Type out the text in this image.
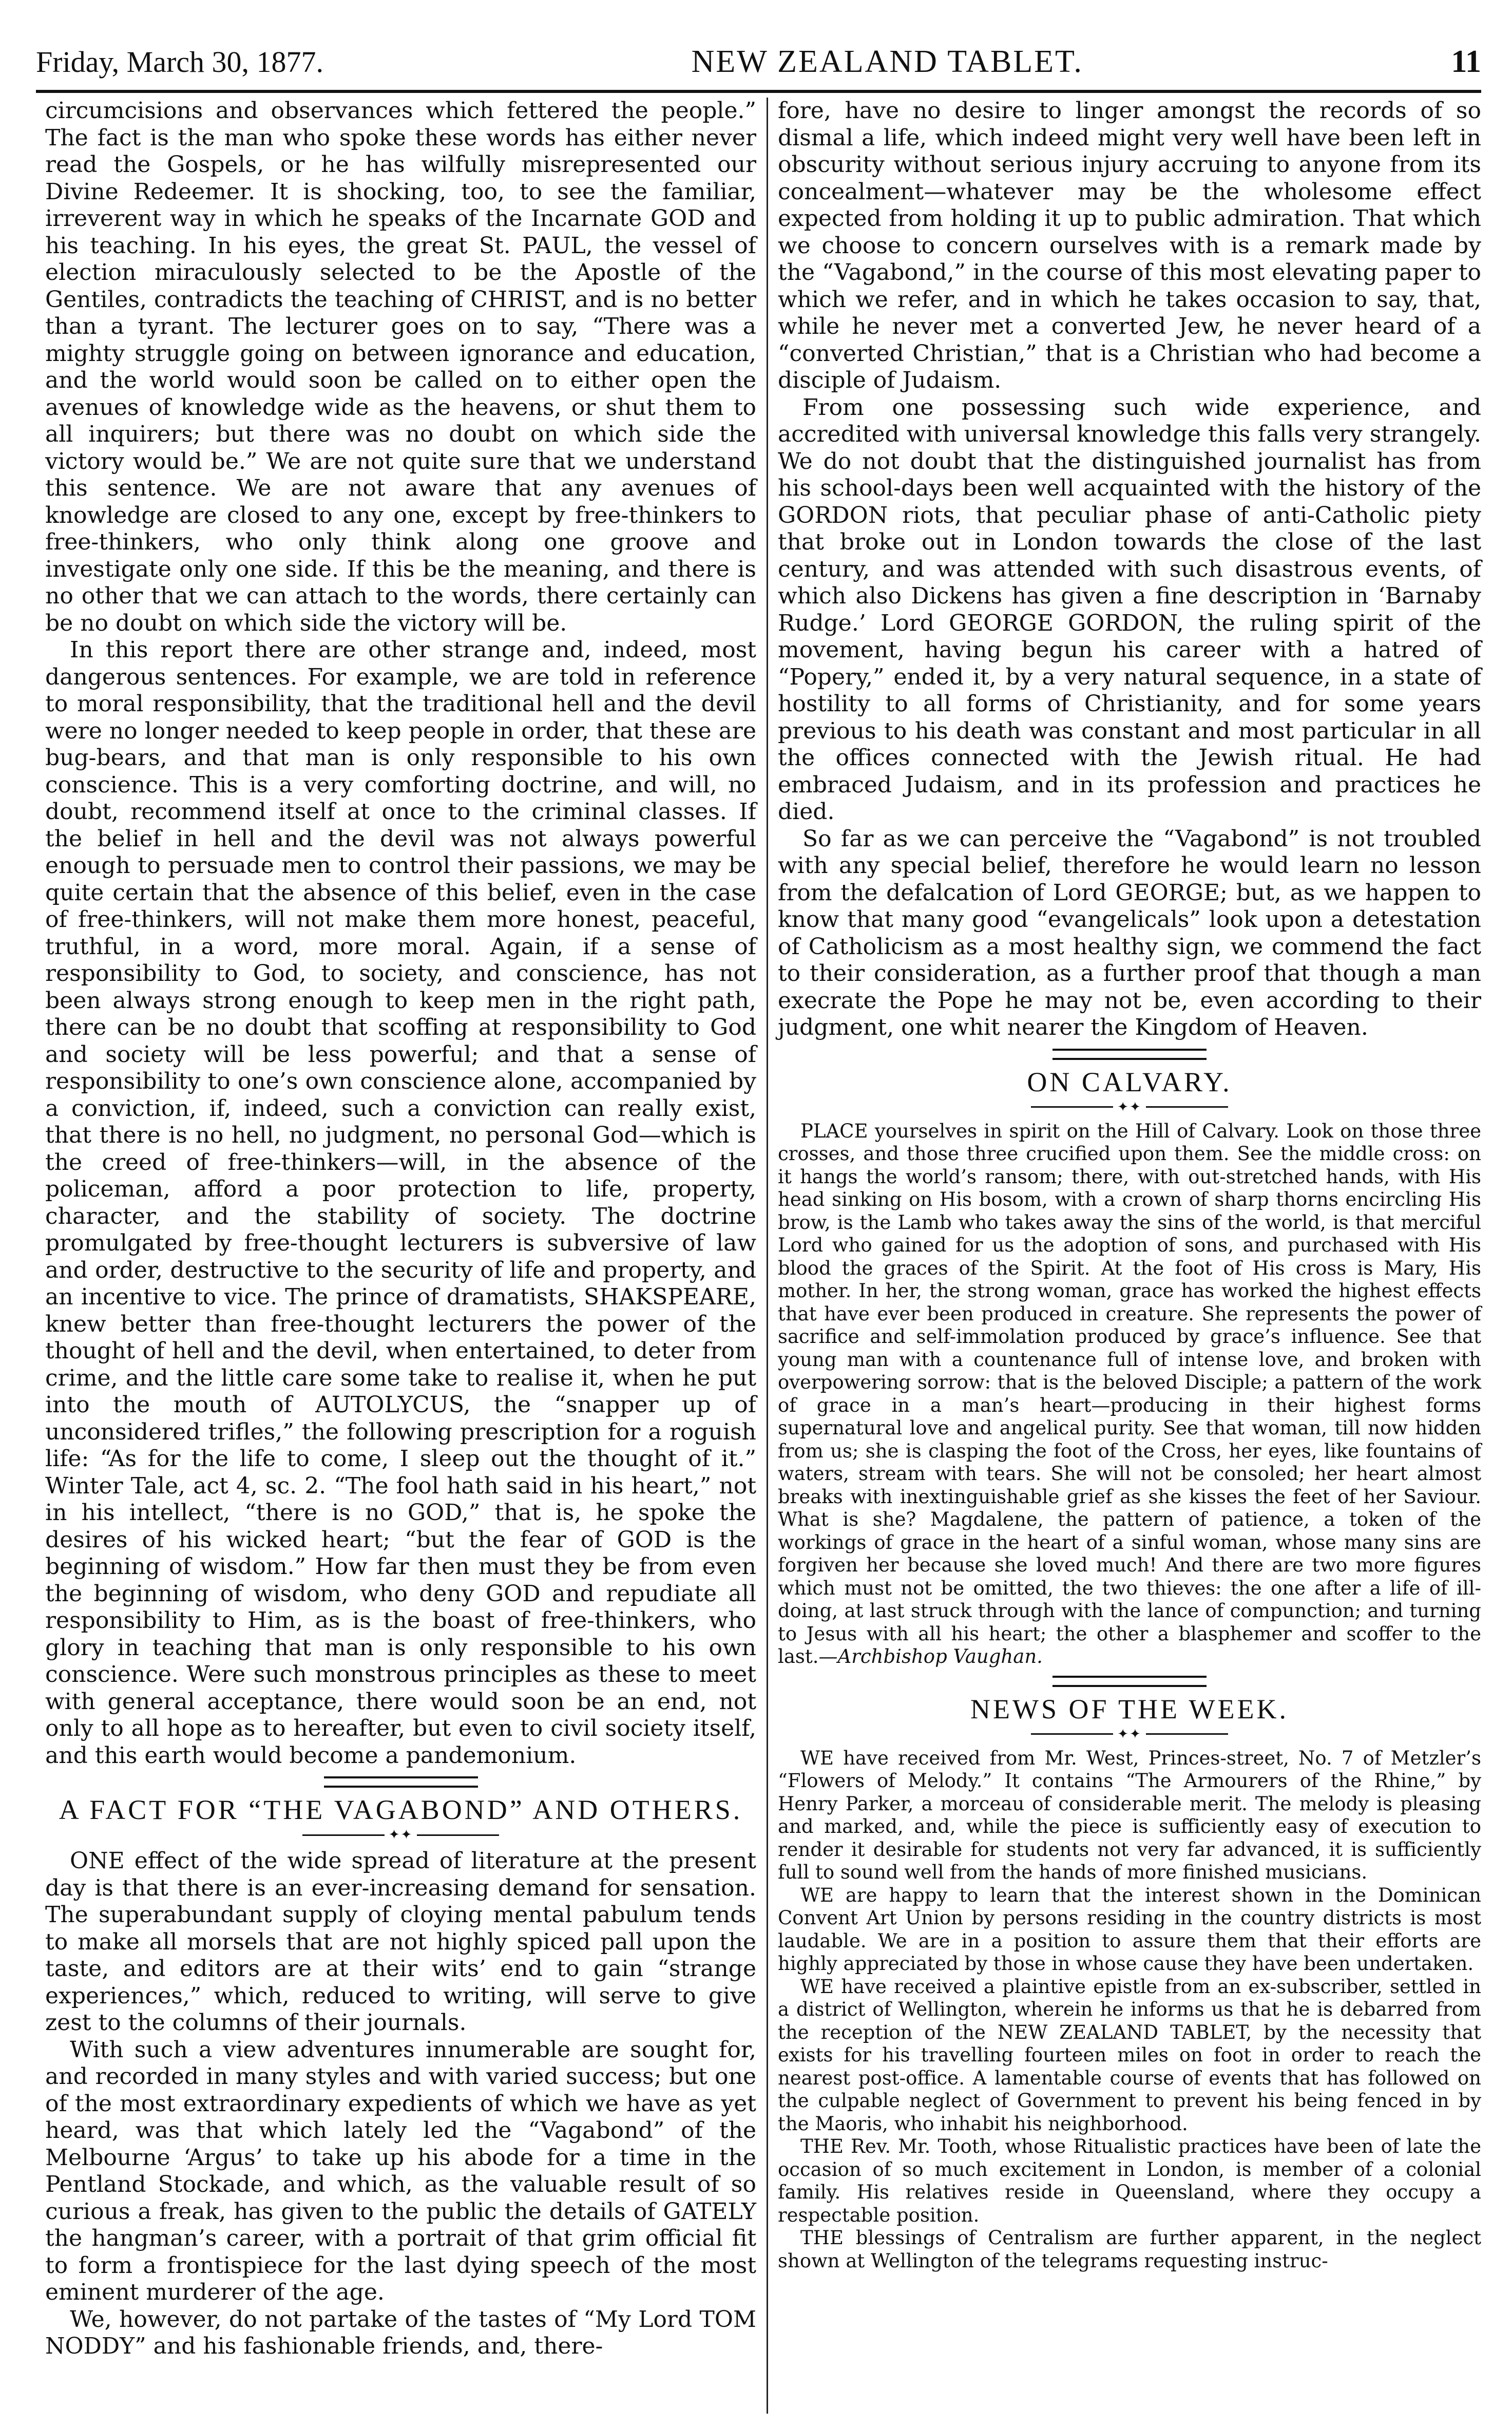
Friday, March 30, 1877.	NEW ZEALAND TABLET.	11

circumcisions and observances which fettered the people.” The fact is the man who spoke these words has either never read the Gospels, or he has wilfully misrepresented our Divine Redeemer. It is shocking, too, to see the familiar, irreverent way in which he speaks of the Incarnate GOD and his teaching. In his eyes, the great St. PAUL, the vessel of election miraculously selected to be the Apostle of the Gentiles, contradicts the teaching of CHRIST, and is no better than a tyrant. The lecturer goes on to say, “There was a mighty struggle going on between ignorance and education, and the world would soon be called on to either open the avenues of knowledge wide as the heavens, or shut them to all inquirers; but there was no doubt on which side the victory would be.” We are not quite sure that we understand this sentence. We are not aware that any avenues of knowledge are closed to any one, except by free-thinkers to free-thinkers, who only think along one groove and investigate only one side. If this be the meaning, and there is no other that we can attach to the words, there certainly can be no doubt on which side the victory will be.

In this report there are other strange and, indeed, most dangerous sentences. For example, we are told in reference to moral responsibility, that the traditional hell and the devil were no longer needed to keep people in order, that these are bug-bears, and that man is only responsible to his own conscience. This is a very comforting doctrine, and will, no doubt, recommend itself at once to the criminal classes. If the belief in hell and the devil was not always powerful enough to persuade men to control their passions, we may be quite certain that the absence of this belief, even in the case of free-thinkers, will not make them more honest, peaceful, truthful, in a word, more moral. Again, if a sense of responsibility to God, to society, and conscience, has not been always strong enough to keep men in the right path, there can be no doubt that scoffing at responsibility to God and society will be less powerful; and that a sense of responsibility to one’s own conscience alone, accompanied by a conviction, if, indeed, such a conviction can really exist, that there is no hell, no judgment, no personal God—which is the creed of free-thinkers—will, in the absence of the policeman, afford a poor protection to life, property, character, and the stability of society. The doctrine promulgated by free-thought lecturers is subversive of law and order, destructive to the security of life and property, and an incentive to vice. The prince of dramatists, SHAKSPEARE, knew better than free-thought lecturers the power of the thought of hell and the devil, when entertained, to deter from crime, and the little care some take to realise it, when he put into the mouth of AUTOLYCUS, the “snapper up of unconsidered trifles,” the following prescription for a roguish life: “As for the life to come, I sleep out the thought of it.” Winter Tale, act 4, sc. 2. “The fool hath said in his heart,” not in his intellect, “there is no GOD,” that is, he spoke the desires of his wicked heart; “but the fear of GOD is the beginning of wisdom.” How far then must they be from even the beginning of wisdom, who deny GOD and repudiate all responsibility to Him, as is the boast of free-thinkers, who glory in teaching that man is only responsible to his own conscience. Were such monstrous principles as these to meet with general acceptance, there would soon be an end, not only to all hope as to hereafter, but even to civil society itself, and this earth would become a pandemonium.

A FACT FOR “THE VAGABOND” AND OTHERS.
✦✦

ONE effect of the wide spread of literature at the present day is that there is an ever-increasing demand for sensation. The superabundant supply of cloying mental pabulum tends to make all morsels that are not highly spiced pall upon the taste, and editors are at their wits’ end to gain “strange experiences,” which, reduced to writing, will serve to give zest to the columns of their journals.

With such a view adventures innumerable are sought for, and recorded in many styles and with varied success; but one of the most extraordinary expedients of which we have as yet heard, was that which lately led the “Vagabond” of the Melbourne ‘Argus’ to take up his abode for a time in the Pentland Stockade, and which, as the valuable result of so curious a freak, has given to the public the details of GATELY the hangman’s career, with a portrait of that grim official fit to form a frontispiece for the last dying speech of the most eminent murderer of the age.

We, however, do not partake of the tastes of “My Lord TOM NODDY” and his fashionable friends, and, there-

fore, have no desire to linger amongst the records of so dismal a life, which indeed might very well have been left in obscurity without serious injury accruing to anyone from its concealment—whatever may be the wholesome effect expected from holding it up to public admiration. That which we choose to concern ourselves with is a remark made by the “Vagabond,” in the course of this most elevating paper to which we refer, and in which he takes occasion to say, that, while he never met a converted Jew, he never heard of a “converted Christian,” that is a Christian who had become a disciple of Judaism.

From one possessing such wide experience, and accredited with universal knowledge this falls very strangely. We do not doubt that the distinguished journalist has from his school-days been well acquainted with the history of the GORDON riots, that peculiar phase of anti-Catholic piety that broke out in London towards the close of the last century, and was attended with such disastrous events, of which also Dickens has given a fine description in ‘Barnaby Rudge.’ Lord GEORGE GORDON, the ruling spirit of the movement, having begun his career with a hatred of “Popery,” ended it, by a very natural sequence, in a state of hostility to all forms of Christianity, and for some years previous to his death was constant and most particular in all the offices connected with the Jewish ritual. He had embraced Judaism, and in its profession and practices he died.

So far as we can perceive the “Vagabond” is not troubled with any special belief, therefore he would learn no lesson from the defalcation of Lord GEORGE; but, as we happen to know that many good “evangelicals” look upon a detestation of Catholicism as a most healthy sign, we commend the fact to their consideration, as a further proof that though a man execrate the Pope he may not be, even according to their judgment, one whit nearer the Kingdom of Heaven.

ON CALVARY.
✦✦

PLACE yourselves in spirit on the Hill of Calvary. Look on those three crosses, and those three crucified upon them. See the middle cross: on it hangs the world’s ransom; there, with out-stretched hands, with His head sinking on His bosom, with a crown of sharp thorns encircling His brow, is the Lamb who takes away the sins of the world, is that merciful Lord who gained for us the adoption of sons, and purchased with His blood the graces of the Spirit. At the foot of His cross is Mary, His mother. In her, the strong woman, grace has worked the highest effects that have ever been produced in creature. She represents the power of sacrifice and self-immolation produced by grace’s influence. See that young man with a countenance full of intense love, and broken with overpowering sorrow: that is the beloved Disciple; a pattern of the work of grace in a man’s heart—producing in their highest forms supernatural love and angelical purity. See that woman, till now hidden from us; she is clasping the foot of the Cross, her eyes, like fountains of waters, stream with tears. She will not be consoled; her heart almost breaks with inextinguishable grief as she kisses the feet of her Saviour. What is she? Magdalene, the pattern of patience, a token of the workings of grace in the heart of a sinful woman, whose many sins are forgiven her because she loved much! And there are two more figures which must not be omitted, the two thieves: the one after a life of ill-doing, at last struck through with the lance of compunction; and turning to Jesus with all his heart; the other a blasphemer and scoffer to the last.—Archbishop Vaughan.

NEWS OF THE WEEK.
✦✦

WE have received from Mr. West, Princes-street, No. 7 of Metzler’s “Flowers of Melody.” It contains “The Armourers of the Rhine,” by Henry Parker, a morceau of considerable merit. The melody is pleasing and marked, and, while the piece is sufficiently easy of execution to render it desirable for students not very far advanced, it is sufficiently full to sound well from the hands of more finished musicians.

WE are happy to learn that the interest shown in the Dominican Convent Art Union by persons residing in the country districts is most laudable. We are in a position to assure them that their efforts are highly appreciated by those in whose cause they have been undertaken.

WE have received a plaintive epistle from an ex-subscriber, settled in a district of Wellington, wherein he informs us that he is debarred from the reception of the NEW ZEALAND TABLET, by the necessity that exists for his travelling fourteen miles on foot in order to reach the nearest post-office. A lamentable course of events that has followed on the culpable neglect of Government to prevent his being fenced in by the Maoris, who inhabit his neighborhood.

THE Rev. Mr. Tooth, whose Ritualistic practices have been of late the occasion of so much excitement in London, is member of a colonial family. His relatives reside in Queensland, where they occupy a respectable position.

THE blessings of Centralism are further apparent, in the neglect shown at Wellington of the telegrams requesting instruc-
